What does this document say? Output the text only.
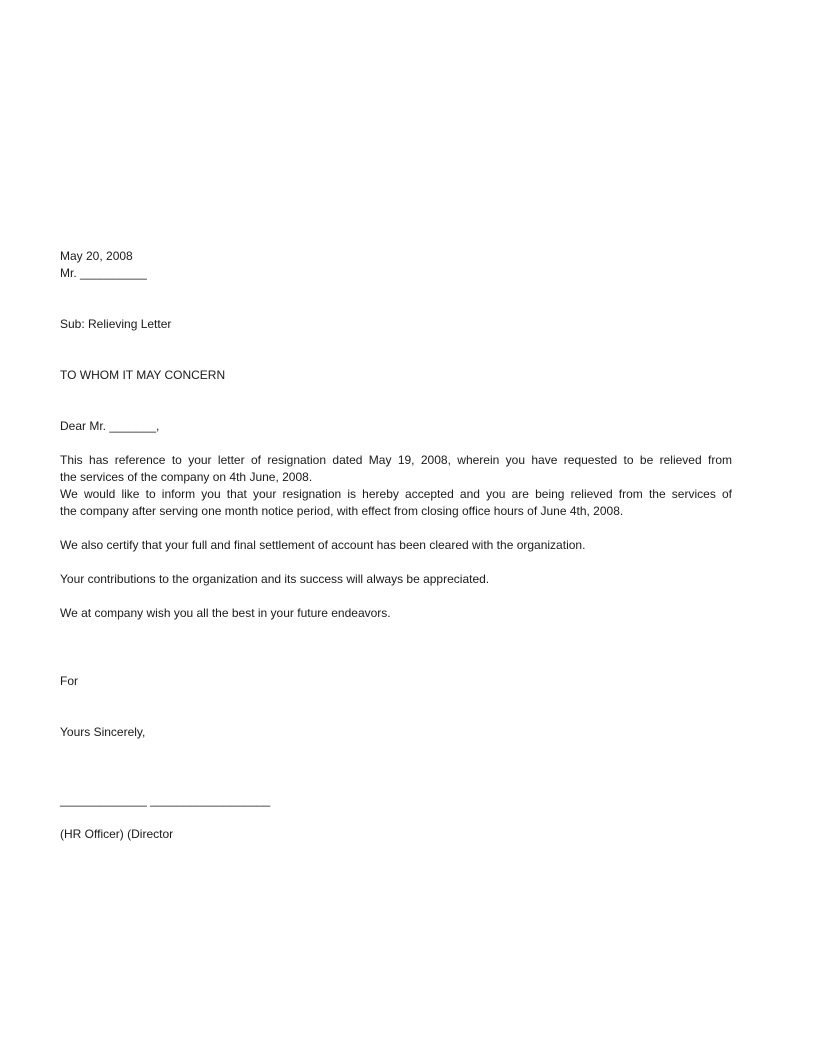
May 20, 2008
Mr. __________
Sub: Relieving Letter
TO WHOM IT MAY CONCERN
Dear Mr. _______,
This has reference to your letter of resignation dated May 19, 2008, wherein you have requested to be relieved from
the services of the company on 4th June, 2008.
We would like to inform you that your resignation is hereby accepted and you are being relieved from the services of
the company after serving one month notice period, with effect from closing office hours of June 4th, 2008.
We also certify that your full and final settlement of account has been cleared with the organization.
Your contributions to the organization and its success will always be appreciated.
We at company wish you all the best in your future endeavors.
For
Yours Sincerely,
_____________ __________________
(HR Officer) (Director
